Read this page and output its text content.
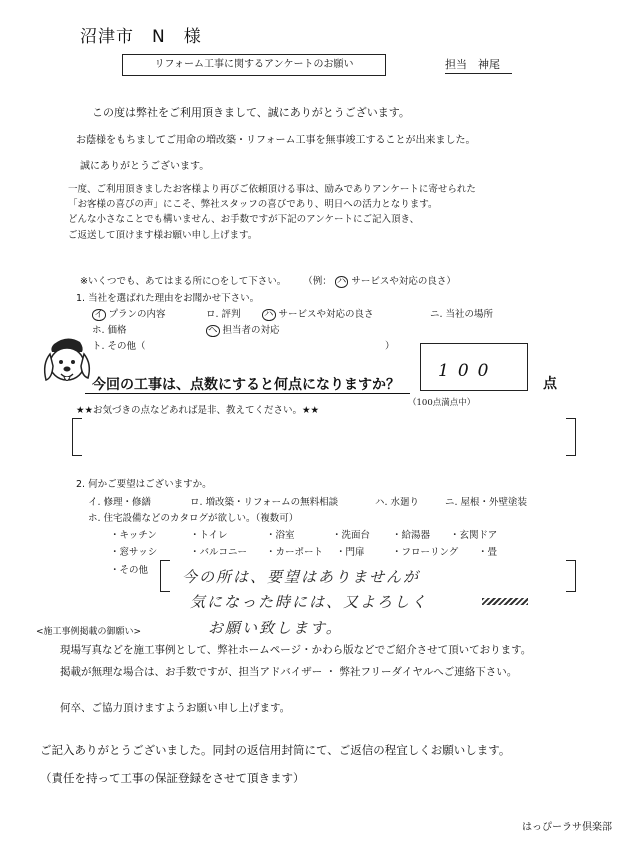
沼津市　N　様
リフォーム工事に関するアンケートのお願い	担当　神尾
この度は弊社をご利用頂きまして、誠にありがとうございます。
お蔭様をもちましてご用命の増改築・リフォーム工事を無事竣工することが出来ました。
誠にありがとうございます。
一度、ご利用頂きましたお客様より再びご依頼頂ける事は、励みでありアンケートに寄せられた
「お客様の喜びの声」にこそ、弊社スタッフの喜びであり、明日への活力となります。
どんな小さなことでも構いません、お手数ですが下記のアンケートにご記入頂き、
ご返送して頂けます様お願い申し上げます。
※いくつでも、あてはまる所に○をして下さい。 （例： ハ サービスや対応の良さ）
1. 当社を選ばれた理由をお聞かせ下さい。
イ プランの内容	ロ. 評判 ハ サービスや対応の良さ	ニ. 当社の場所
ホ. 価格	ヘ 担当者の対応
ト. その他（	）
今回の工事は、点数にすると何点になりますか？
100
点
（100点満点中）
★★お気づきの点などあれば是非、教えてください。★★
2. 何かご要望はございますか。
イ. 修理・修繕	ロ. 増改築・リフォームの無料相談	ハ. 水廻り	ニ. 屋根・外壁塗装
ホ. 住宅設備などのカタログが欲しい。（複数可）
・キッチン	・トイレ	・浴室	・洗面台 ・給湯器 ・玄関ドア
・窓サッシ	・バルコニー ・カーポート ・門扉	・フローリング ・畳
・その他 今の所は、要望はありませんが
気になった時には、又よろしく
お願い致します。
<施工事例掲載の御願い>
現場写真などを施工事例として、弊社ホームページ・かわら版などでご紹介させて頂いております。
掲載が無理な場合は、お手数ですが、担当アドバイザー ・ 弊社フリーダイヤルへご連絡下さい。
何卒、ご協力頂けますようお願い申し上げます。
ご記入ありがとうございました。同封の返信用封筒にて、ご返信の程宜しくお願いします。
（責任を持って工事の保証登録をさせて頂きます）
はっぴーラサ倶楽部
